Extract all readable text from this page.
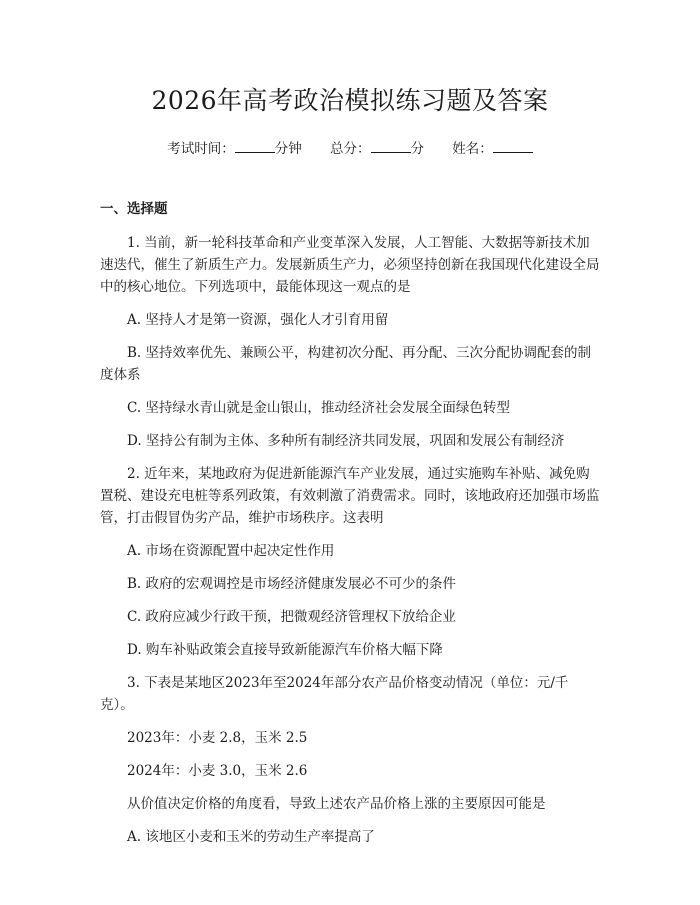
2026年高考政治模拟练习题及答案
考试时间：	分钟 总分：	分 姓名：
一、选择题

1. 当前，新一轮科技革命和产业变革深入发展，人工智能、大数据等新技术加速迭代，催生了新质生产力。发展新质生产力，必须坚持创新在我国现代化建设全局中的核心地位。下列选项中，最能体现这一观点的是

A. 坚持人才是第一资源，强化人才引育用留

B. 坚持效率优先、兼顾公平，构建初次分配、再分配、三次分配协调配套的制度体系

C. 坚持绿水青山就是金山银山，推动经济社会发展全面绿色转型

D. 坚持公有制为主体、多种所有制经济共同发展，巩固和发展公有制经济

2. 近年来，某地政府为促进新能源汽车产业发展，通过实施购车补贴、减免购置税、建设充电桩等系列政策，有效刺激了消费需求。同时，该地政府还加强市场监管，打击假冒伪劣产品，维护市场秩序。这表明

A. 市场在资源配置中起决定性作用

B. 政府的宏观调控是市场经济健康发展必不可少的条件

C. 政府应减少行政干预，把微观经济管理权下放给企业

D. 购车补贴政策会直接导致新能源汽车价格大幅下降

3. 下表是某地区2023年至2024年部分农产品价格变动情况（单位：元/千克）。

2023年：小麦 2.8，玉米 2.5

2024年：小麦 3.0，玉米 2.6

从价值决定价格的角度看，导致上述农产品价格上涨的主要原因可能是

A. 该地区小麦和玉米的劳动生产率提高了
